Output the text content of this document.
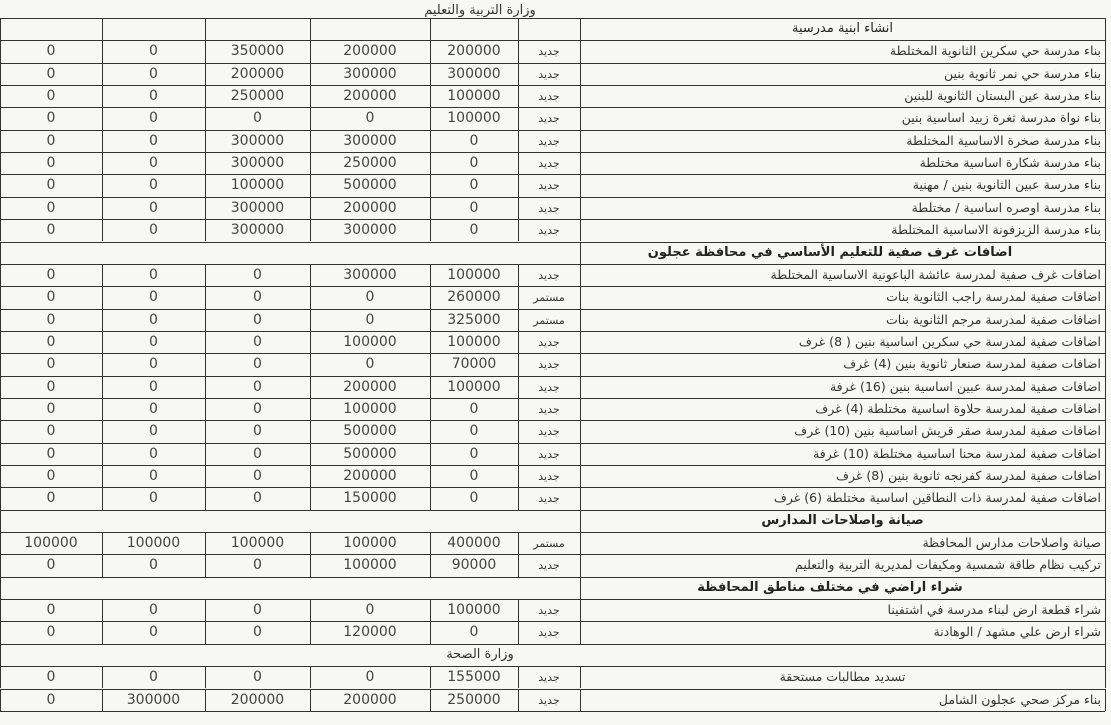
وزارة التربية والتعليم
انشاء ابنية مدرسية
0	0	350000	200000	200000	جديد	بناء مدرسة حي سكرين الثانوية المختلطة
0	0	200000	300000	300000	جديد	بناء مدرسة حي نمر ثانوية بنين
0	0	250000	200000	100000	جديد	بناء مدرسة عين البستان الثانوية للبنين
0	0	0	0	100000	جديد	بناء نواة مدرسة ثغرة زبيد اساسية بنين
0	0	300000	300000	0	جديد	بناء مدرسة صخرة الاساسية المختلطة
0	0	300000	250000	0	جديد	بناء مدرسة شكارة اساسية مختلطة
0	0	100000	500000	0	جديد	بناء مدرسة عبين الثانوية بنين / مهنية
0	0	300000	200000	0	جديد	بناء مدرسة اوصره اساسية / مختلطة
0	0	300000	300000	0	جديد	بناء مدرسة الزيزفونة الاساسية المختلطة
اضافات غرف صفية للتعليم الأساسي في محافظة عجلون
0	0	0	300000	100000	جديد	اضافات غرف صفية لمدرسة عائشة الباعونية الاساسية المختلطة
0	0	0	0	260000	مستمر	اضافات صفية لمدرسة راجب الثانوية بنات
0	0	0	0	325000	مستمر	اضافات صفية لمدرسة مرجم الثانوية بنات
0	0	0	100000	100000	جديد	اضافات صفية لمدرسة حي سكرين اساسية بنين ( 8) غرف
0	0	0	0	70000	جديد	اضافات صفية لمدرسة صنعار ثانوية بنين (4) غرف
0	0	0	200000	100000	جديد	اضافات صفية لمدرسة عبين اساسية بنين (16) غرفة
0	0	0	100000	0	جديد	اضافات صفية لمدرسة حلاوة اساسية مختلطة (4) غرف
0	0	0	500000	0	جديد	اضافات صفية لمدرسة صقر قريش اساسية بنين (10) غرف
0	0	0	500000	0	جديد	اضافات صفية لمدرسة محنا اساسية مختلطة (10) غرفة
0	0	0	200000	0	جديد	اضافات صفية لمدرسة كفرنجه ثانوية بنين (8) غرف
0	0	0	150000	0	جديد	اضافات صفية لمدرسة ذات النطاقين اساسية مختلطة (6) غرف
صيانة واصلاحات المدارس
100000	100000	100000	100000	400000	مستمر	صيانة واصلاحات مدارس المحافظة
0	0	0	100000	90000	جديد	تركيب نظام طاقة شمسية ومكيفات لمديرية التربية والتعليم
شراء اراضي في مختلف مناطق المحافظة
0	0	0	0	100000	جديد	شراء قطعة ارض لبناء مدرسة في اشتفينا
0	0	0	120000	0	جديد	شراء ارض علي مشهد / الوهادنة
وزارة الصحة
0	0	0	0	155000	جديد	تسديد مطالبات مستحقة
0	300000	200000	200000	250000	جديد	بناء مركز صحي عجلون الشامل
